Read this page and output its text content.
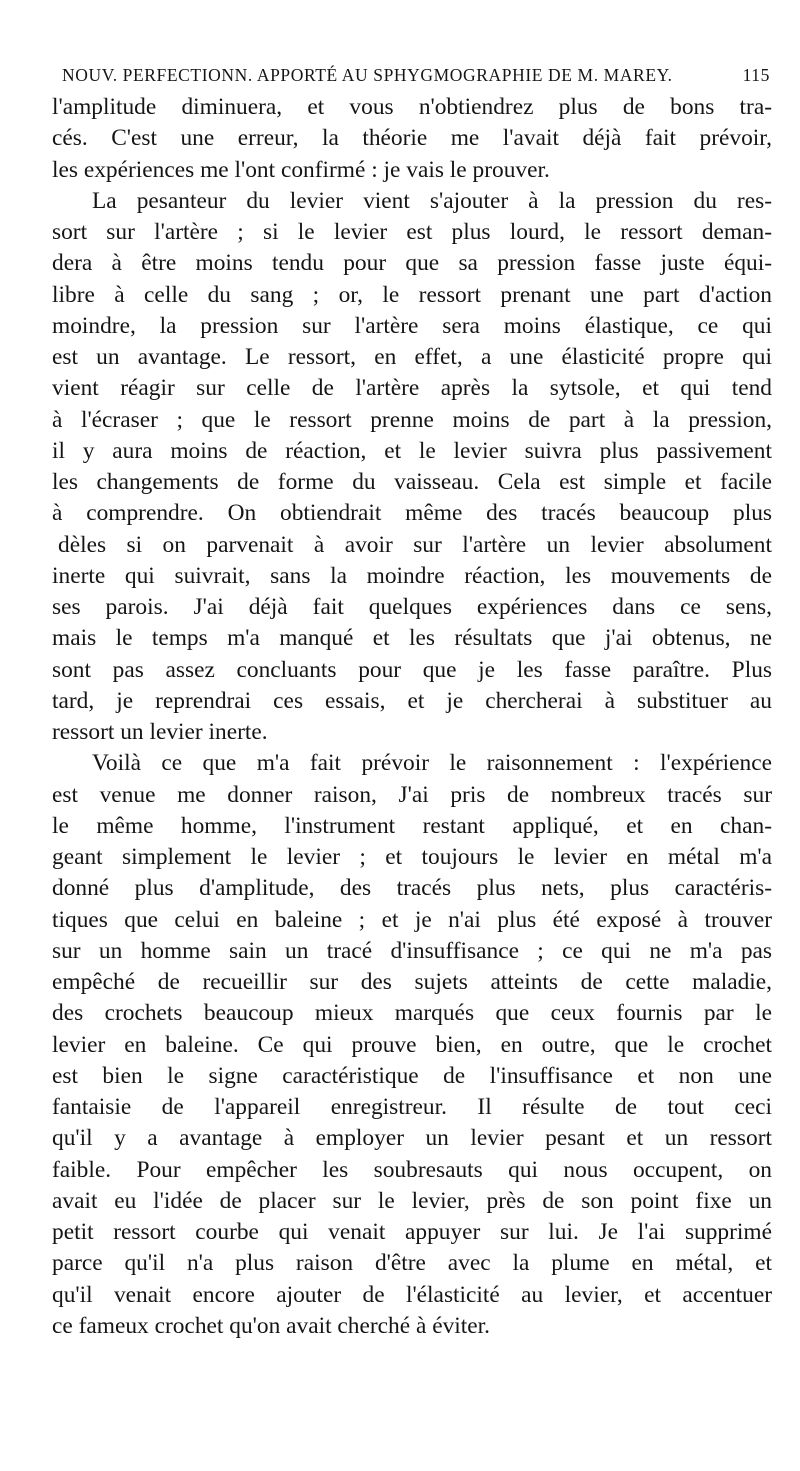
NOUV. PERFECTIONN. APPORTÉ AU SPHYGMOGRAPHIE DE M. MAREY.	115
l'amplitude diminuera, et vous n'obtiendrez plus de bons tra-
cés. C'est une erreur, la théorie me l'avait déjà fait prévoir,
les expériences me l'ont confirmé : je vais le prouver.
La pesanteur du levier vient s'ajouter à la pression du res-
sort sur l'artère ; si le levier est plus lourd, le ressort deman-
dera à être moins tendu pour que sa pression fasse juste équi-
libre à celle du sang ; or, le ressort prenant une part d'action
moindre, la pression sur l'artère sera moins élastique, ce qui
est un avantage. Le ressort, en effet, a une élasticité propre qui
vient réagir sur celle de l'artère après la sytsole, et qui tend
à l'écraser ; que le ressort prenne moins de part à la pression,
il y aura moins de réaction, et le levier suivra plus passivement
les changements de forme du vaisseau. Cela est simple et facile
à comprendre. On obtiendrait même des tracés beaucoup plus
dèles si on parvenait à avoir sur l'artère un levier absolument
inerte qui suivrait, sans la moindre réaction, les mouvements de
ses parois. J'ai déjà fait quelques expériences dans ce sens,
mais le temps m'a manqué et les résultats que j'ai obtenus, ne
sont pas assez concluants pour que je les fasse paraître. Plus
tard, je reprendrai ces essais, et je chercherai à substituer au
ressort un levier inerte.
Voilà ce que m'a fait prévoir le raisonnement : l'expérience
est venue me donner raison, J'ai pris de nombreux tracés sur
le même homme, l'instrument restant appliqué, et en chan-
geant simplement le levier ; et toujours le levier en métal m'a
donné plus d'amplitude, des tracés plus nets, plus caractéris-
tiques que celui en baleine ; et je n'ai plus été exposé à trouver
sur un homme sain un tracé d'insuffisance ; ce qui ne m'a pas
empêché de recueillir sur des sujets atteints de cette maladie,
des crochets beaucoup mieux marqués que ceux fournis par le
levier en baleine. Ce qui prouve bien, en outre, que le crochet
est bien le signe caractéristique de l'insuffisance et non une
fantaisie de l'appareil enregistreur. Il résulte de tout ceci
qu'il y a avantage à employer un levier pesant et un ressort
faible. Pour empêcher les soubresauts qui nous occupent, on
avait eu l'idée de placer sur le levier, près de son point fixe un
petit ressort courbe qui venait appuyer sur lui. Je l'ai supprimé
parce qu'il n'a plus raison d'être avec la plume en métal, et
qu'il venait encore ajouter de l'élasticité au levier, et accentuer
ce fameux crochet qu'on avait cherché à éviter.
